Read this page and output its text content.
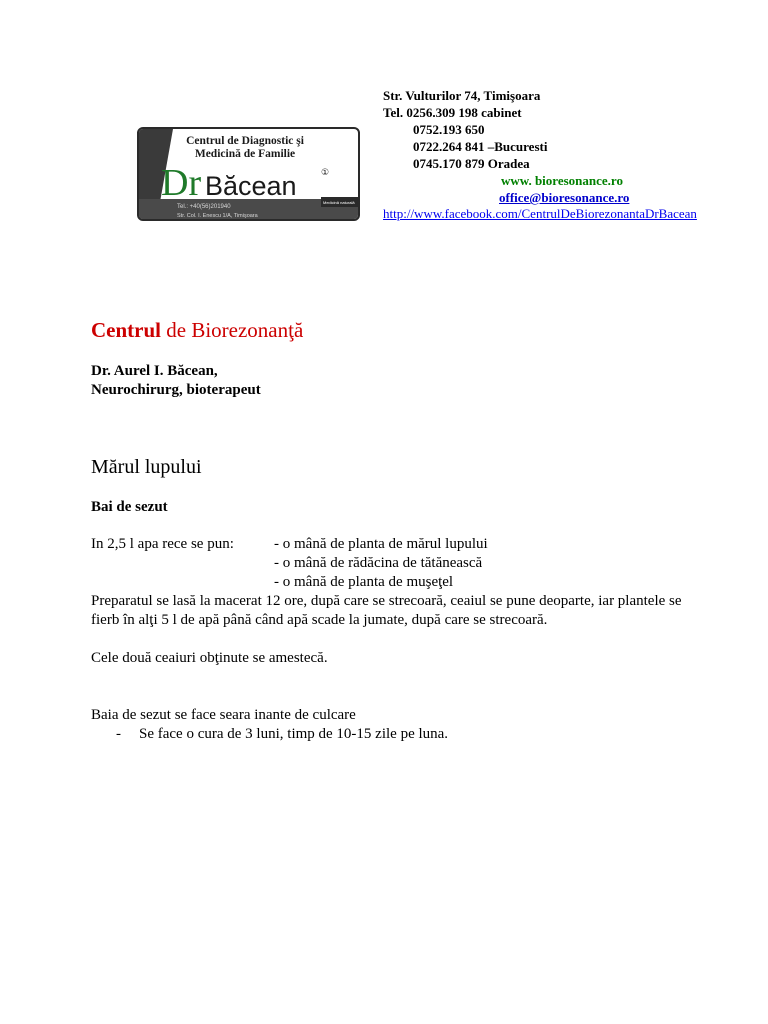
Centrul de Diagnostic şi
Medicină de Familie
Dr Băcean	①
Tel.: +40(56)201940
Str. Col. I. Enescu 1/A, Timişoara
Medicină naturală
Str. Vulturilor 74, Timişoara
Tel. 0256.309 198 cabinet
0752.193 650
0722.264 841 –Bucuresti
0745.170 879 Oradea
www. bioresonance.ro
office@bioresonance.ro
http://www.facebook.com/CentrulDeBiorezonantaDrBacean
Centrul de Biorezonanţă
Dr. Aurel I. Băcean,
Neurochirurg, bioterapeut
Mărul lupului
Bai de sezut
In 2,5 l apa rece se pun:	- o mână de planta de mărul lupului
- o mână de rădăcina de tătănească
- o mână de planta de muşeţel
Preparatul se lasă la macerat 12 ore, după care se strecoară, ceaiul se pune deoparte, iar plantele se fierb în alţi 5 l de apă până când apă scade la jumate, după care se strecoară.
Cele două ceaiuri obţinute se amestecă.
Baia de sezut se face seara inante de culcare
- Se face o cura de 3 luni, timp de 10-15 zile pe luna.
